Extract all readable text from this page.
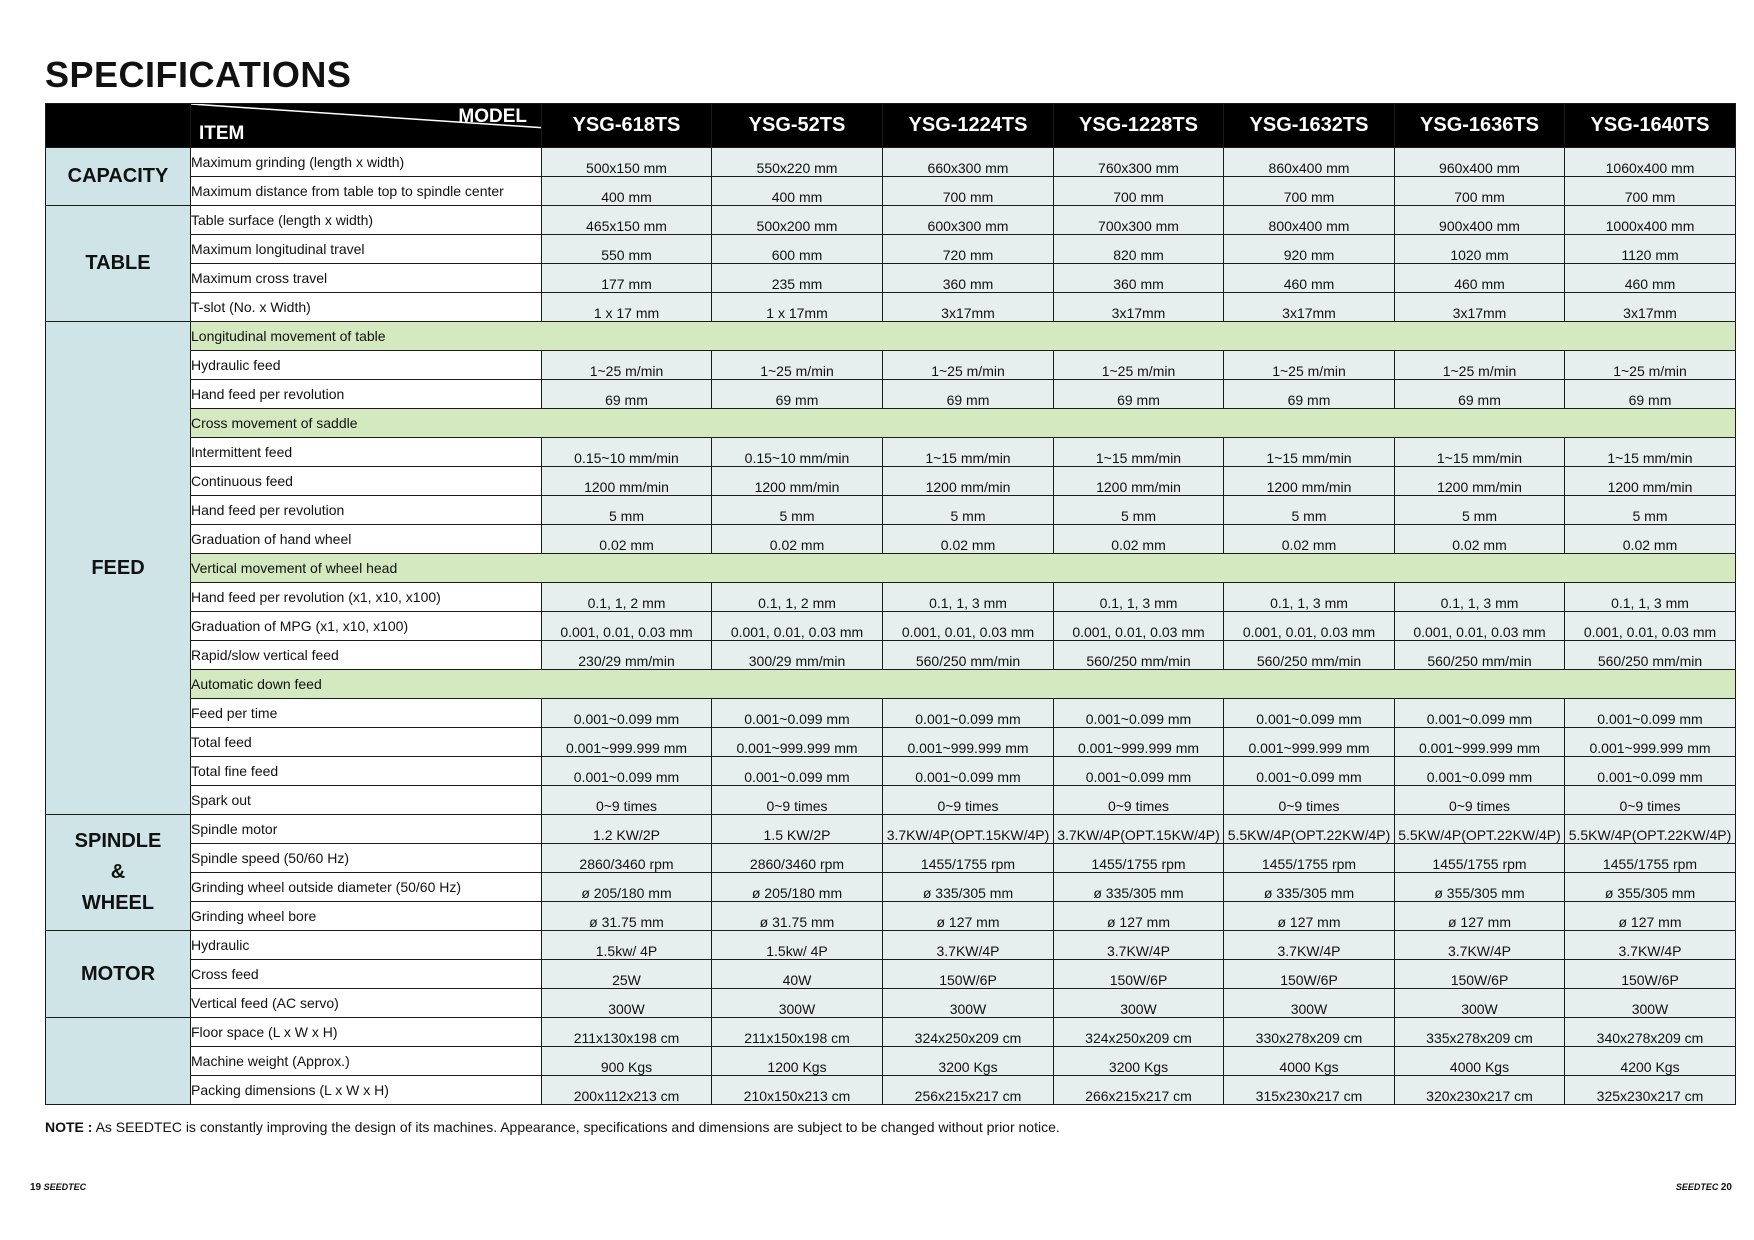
SPECIFICATIONS

	MODEL
ITEM	YSG-618TS	YSG-52TS	YSG-1224TS	YSG-1228TS	YSG-1632TS	YSG-1636TS	YSG-1640TS

CAPACITY	Maximum grinding (length x width)	500x150 mm	550x220 mm	660x300 mm	760x300 mm	860x400 mm	960x400 mm	1060x400 mm
	Maximum distance from table top to spindle center	400 mm	400 mm	700 mm	700 mm	700 mm	700 mm	700 mm

TABLE	Table surface (length x width)	465x150 mm	500x200 mm	600x300 mm	700x300 mm	800x400 mm	900x400 mm	1000x400 mm
	Maximum longitudinal travel	550 mm	600 mm	720 mm	820 mm	920 mm	1020 mm	1120 mm
	Maximum cross travel	177 mm	235 mm	360 mm	360 mm	460 mm	460 mm	460 mm
	T-slot (No. x Width)	1 x 17 mm	1 x 17mm	3x17mm	3x17mm	3x17mm	3x17mm	3x17mm

FEED	Longitudinal movement of table							
	Hydraulic feed	1~25 m/min	1~25 m/min	1~25 m/min	1~25 m/min	1~25 m/min	1~25 m/min	1~25 m/min
	Hand feed per revolution	69 mm	69 mm	69 mm	69 mm	69 mm	69 mm	69 mm
	Cross movement of saddle							
	Intermittent feed	0.15~10 mm/min	0.15~10 mm/min	1~15 mm/min	1~15 mm/min	1~15 mm/min	1~15 mm/min	1~15 mm/min
	Continuous feed	1200 mm/min	1200 mm/min	1200 mm/min	1200 mm/min	1200 mm/min	1200 mm/min	1200 mm/min
	Hand feed per revolution	5 mm	5 mm	5 mm	5 mm	5 mm	5 mm	5 mm
	Graduation of hand wheel	0.02 mm	0.02 mm	0.02 mm	0.02 mm	0.02 mm	0.02 mm	0.02 mm
	Vertical movement of wheel head							
	Hand feed per revolution (x1, x10, x100)	0.1, 1, 2 mm	0.1, 1, 2 mm	0.1, 1, 3 mm	0.1, 1, 3 mm	0.1, 1, 3 mm	0.1, 1, 3 mm	0.1, 1, 3 mm
	Graduation of MPG (x1, x10, x100)	0.001, 0.01, 0.03 mm	0.001, 0.01, 0.03 mm	0.001, 0.01, 0.03 mm	0.001, 0.01, 0.03 mm	0.001, 0.01, 0.03 mm	0.001, 0.01, 0.03 mm	0.001, 0.01, 0.03 mm
	Rapid/slow vertical feed	230/29 mm/min	300/29 mm/min	560/250 mm/min	560/250 mm/min	560/250 mm/min	560/250 mm/min	560/250 mm/min
	Automatic down feed							
	Feed per time	0.001~0.099 mm	0.001~0.099 mm	0.001~0.099 mm	0.001~0.099 mm	0.001~0.099 mm	0.001~0.099 mm	0.001~0.099 mm
	Total feed	0.001~999.999 mm	0.001~999.999 mm	0.001~999.999 mm	0.001~999.999 mm	0.001~999.999 mm	0.001~999.999 mm	0.001~999.999 mm
	Total fine feed	0.001~0.099 mm	0.001~0.099 mm	0.001~0.099 mm	0.001~0.099 mm	0.001~0.099 mm	0.001~0.099 mm	0.001~0.099 mm
	Spark out	0~9 times	0~9 times	0~9 times	0~9 times	0~9 times	0~9 times	0~9 times

SPINDLE
&
WHEEL	Spindle motor	1.2 KW/2P	1.5 KW/2P	3.7KW/4P(OPT.15KW/4P)	3.7KW/4P(OPT.15KW/4P)	5.5KW/4P(OPT.22KW/4P)	5.5KW/4P(OPT.22KW/4P)	5.5KW/4P(OPT.22KW/4P)
	Spindle speed (50/60 Hz)	2860/3460 rpm	2860/3460 rpm	1455/1755 rpm	1455/1755 rpm	1455/1755 rpm	1455/1755 rpm	1455/1755 rpm
	Grinding wheel outside diameter (50/60 Hz)	ø 205/180 mm	ø 205/180 mm	ø 335/305 mm	ø 335/305 mm	ø 335/305 mm	ø 355/305 mm	ø 355/305 mm
	Grinding wheel bore	ø 31.75 mm	ø 31.75 mm	ø 127 mm	ø 127 mm	ø 127 mm	ø 127 mm	ø 127 mm

MOTOR	Hydraulic	1.5kw/ 4P	1.5kw/ 4P	3.7KW/4P	3.7KW/4P	3.7KW/4P	3.7KW/4P	3.7KW/4P
	Cross feed	25W	40W	150W/6P	150W/6P	150W/6P	150W/6P	150W/6P
	Vertical feed (AC servo)	300W	300W	300W	300W	300W	300W	300W
	Floor space (L x W x H)	211x130x198 cm	211x150x198 cm	324x250x209 cm	324x250x209 cm	330x278x209 cm	335x278x209 cm	340x278x209 cm
	Machine weight (Approx.)	900 Kgs	1200 Kgs	3200 Kgs	3200 Kgs	4000 Kgs	4000 Kgs	4200 Kgs
	Packing dimensions (L x W x H)	200x112x213 cm	210x150x213 cm	256x215x217 cm	266x215x217 cm	315x230x217 cm	320x230x217 cm	325x230x217 cm
NOTE : As SEEDTEC is constantly improving the design of its machines. Appearance, specifications and dimensions are subject to be changed without prior notice.
19 SEEDTEC	SEEDTEC 20
